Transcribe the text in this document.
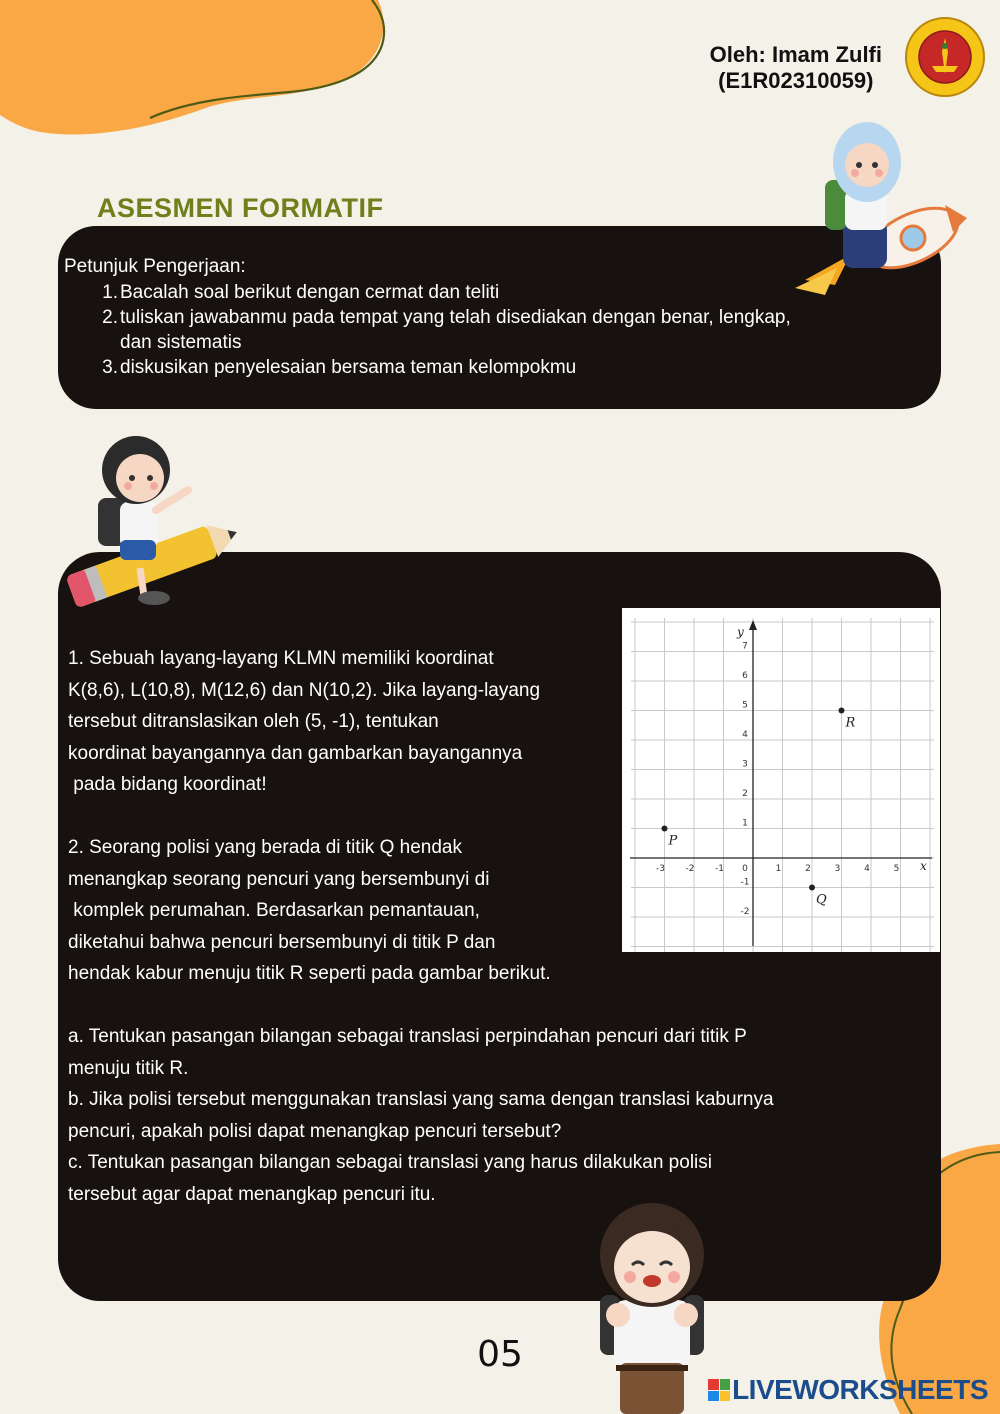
Oleh: Imam Zulfi
(E1R02310059)
ASESMEN FORMATIF
Petunjuk Pengerjaan:
1. Bacalah soal berikut dengan cermat dan teliti
2. tuliskan jawabanmu pada tempat yang telah disediakan dengan benar, lengkap,
dan sistematis
3. diskusikan penyelesaian bersama teman kelompokmu
1. Sebuah layang-layang KLMN memiliki koordinat
K(8,6), L(10,8), M(12,6) dan N(10,2). Jika layang-layang
tersebut ditranslasikan oleh (5, -1), tentukan
koordinat bayangannya dan gambarkan bayangannya
pada bidang koordinat!
2. Seorang polisi yang berada di titik Q hendak
menangkap seorang pencuri yang bersembunyi di
komplek perumahan. Berdasarkan pemantauan,
diketahui bahwa pencuri bersembunyi di titik P dan
hendak kabur menuju titik R seperti pada gambar berikut.
a. Tentukan pasangan bilangan sebagai translasi perpindahan pencuri dari titik P
menuju titik R.
b. Jika polisi tersebut menggunakan translasi yang sama dengan translasi kaburnya
pencuri, apakah polisi dapat menangkap pencuri tersebut?
c. Tentukan pasangan bilangan sebagai translasi yang harus dilakukan polisi
tersebut agar dapat menangkap pencuri itu.
x
y
-3 -2 -1 0	1	2	3	4	5
7
6
5
4
3
2
1
-1
-2
P
Q
R
05
LIVEWORKSHEETS
